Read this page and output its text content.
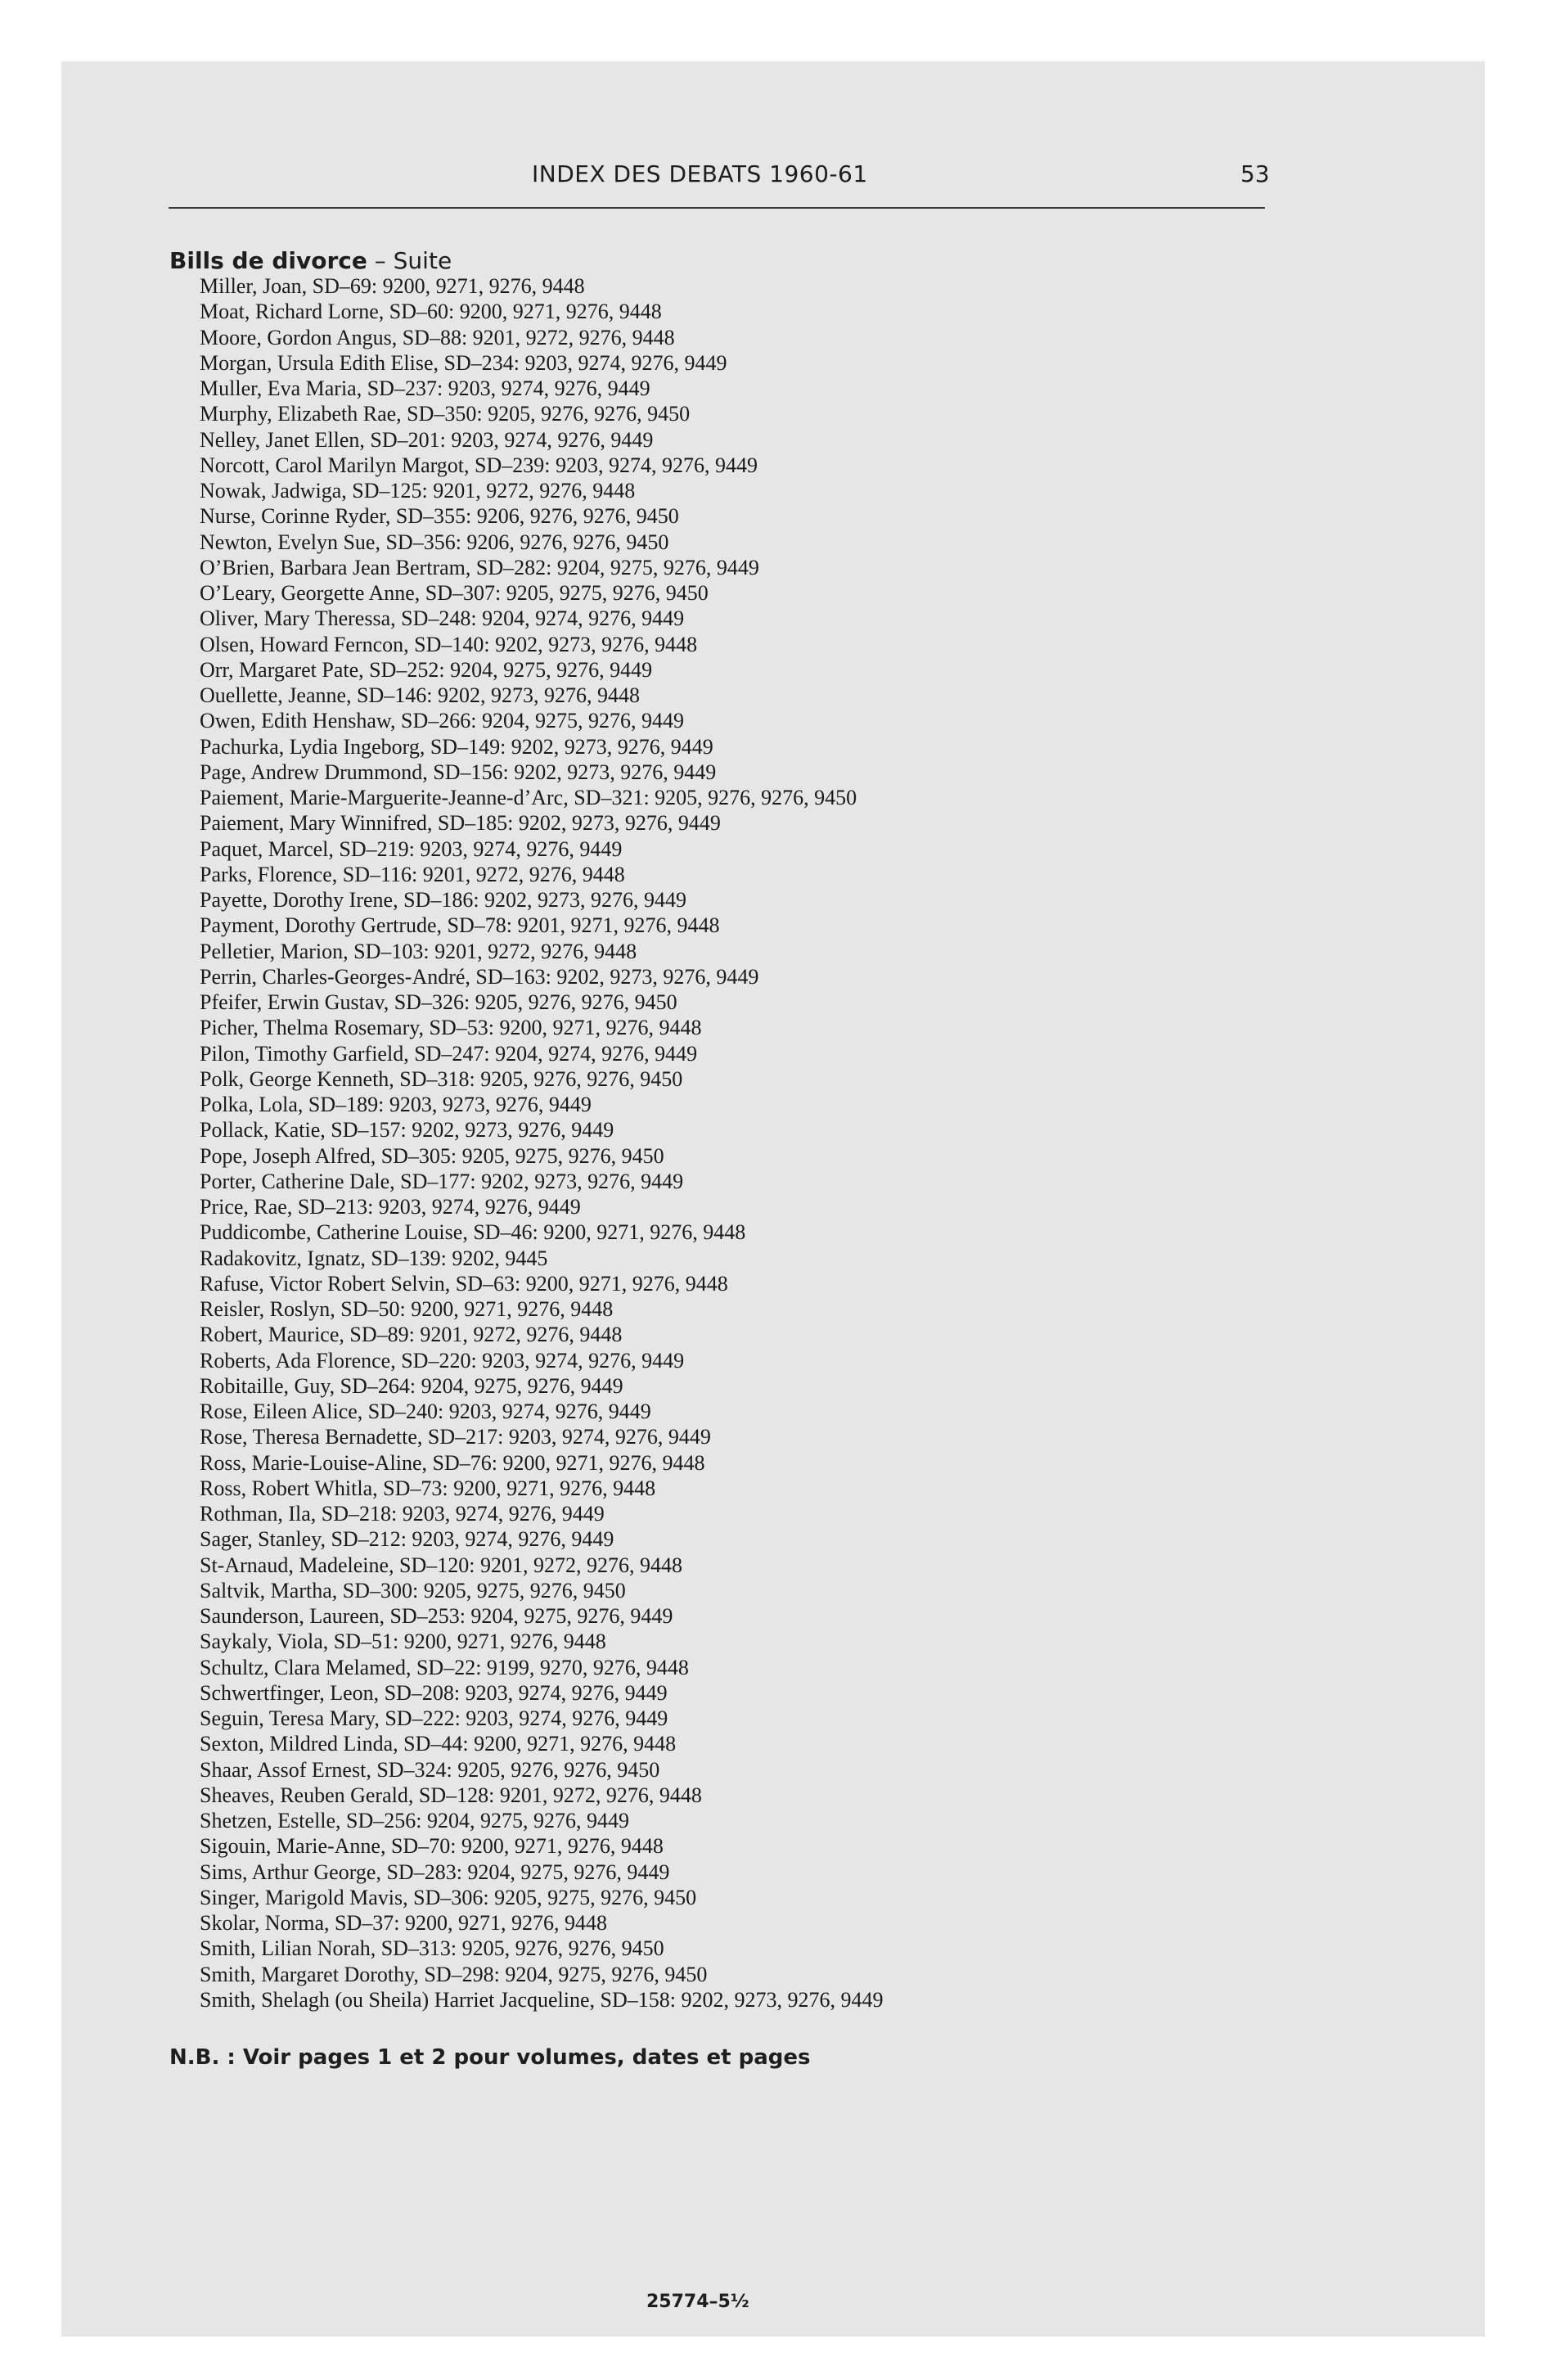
INDEX DES DEBATS 1960-61	53
Bills de divorce – Suite
Miller, Joan, SD–69: 9200, 9271, 9276, 9448
Moat, Richard Lorne, SD–60: 9200, 9271, 9276, 9448
Moore, Gordon Angus, SD–88: 9201, 9272, 9276, 9448
Morgan, Ursula Edith Elise, SD–234: 9203, 9274, 9276, 9449
Muller, Eva Maria, SD–237: 9203, 9274, 9276, 9449
Murphy, Elizabeth Rae, SD–350: 9205, 9276, 9276, 9450
Nelley, Janet Ellen, SD–201: 9203, 9274, 9276, 9449
Norcott, Carol Marilyn Margot, SD–239: 9203, 9274, 9276, 9449
Nowak, Jadwiga, SD–125: 9201, 9272, 9276, 9448
Nurse, Corinne Ryder, SD–355: 9206, 9276, 9276, 9450
Newton, Evelyn Sue, SD–356: 9206, 9276, 9276, 9450
O’Brien, Barbara Jean Bertram, SD–282: 9204, 9275, 9276, 9449
O’Leary, Georgette Anne, SD–307: 9205, 9275, 9276, 9450
Oliver, Mary Theressa, SD–248: 9204, 9274, 9276, 9449
Olsen, Howard Ferncon, SD–140: 9202, 9273, 9276, 9448
Orr, Margaret Pate, SD–252: 9204, 9275, 9276, 9449
Ouellette, Jeanne, SD–146: 9202, 9273, 9276, 9448
Owen, Edith Henshaw, SD–266: 9204, 9275, 9276, 9449
Pachurka, Lydia Ingeborg, SD–149: 9202, 9273, 9276, 9449
Page, Andrew Drummond, SD–156: 9202, 9273, 9276, 9449
Paiement, Marie-Marguerite-Jeanne-d’Arc, SD–321: 9205, 9276, 9276, 9450
Paiement, Mary Winnifred, SD–185: 9202, 9273, 9276, 9449
Paquet, Marcel, SD–219: 9203, 9274, 9276, 9449
Parks, Florence, SD–116: 9201, 9272, 9276, 9448
Payette, Dorothy Irene, SD–186: 9202, 9273, 9276, 9449
Payment, Dorothy Gertrude, SD–78: 9201, 9271, 9276, 9448
Pelletier, Marion, SD–103: 9201, 9272, 9276, 9448
Perrin, Charles-Georges-André, SD–163: 9202, 9273, 9276, 9449
Pfeifer, Erwin Gustav, SD–326: 9205, 9276, 9276, 9450
Picher, Thelma Rosemary, SD–53: 9200, 9271, 9276, 9448
Pilon, Timothy Garfield, SD–247: 9204, 9274, 9276, 9449
Polk, George Kenneth, SD–318: 9205, 9276, 9276, 9450
Polka, Lola, SD–189: 9203, 9273, 9276, 9449
Pollack, Katie, SD–157: 9202, 9273, 9276, 9449
Pope, Joseph Alfred, SD–305: 9205, 9275, 9276, 9450
Porter, Catherine Dale, SD–177: 9202, 9273, 9276, 9449
Price, Rae, SD–213: 9203, 9274, 9276, 9449
Puddicombe, Catherine Louise, SD–46: 9200, 9271, 9276, 9448
Radakovitz, Ignatz, SD–139: 9202, 9445
Rafuse, Victor Robert Selvin, SD–63: 9200, 9271, 9276, 9448
Reisler, Roslyn, SD–50: 9200, 9271, 9276, 9448
Robert, Maurice, SD–89: 9201, 9272, 9276, 9448
Roberts, Ada Florence, SD–220: 9203, 9274, 9276, 9449
Robitaille, Guy, SD–264: 9204, 9275, 9276, 9449
Rose, Eileen Alice, SD–240: 9203, 9274, 9276, 9449
Rose, Theresa Bernadette, SD–217: 9203, 9274, 9276, 9449
Ross, Marie-Louise-Aline, SD–76: 9200, 9271, 9276, 9448
Ross, Robert Whitla, SD–73: 9200, 9271, 9276, 9448
Rothman, Ila, SD–218: 9203, 9274, 9276, 9449
Sager, Stanley, SD–212: 9203, 9274, 9276, 9449
St-Arnaud, Madeleine, SD–120: 9201, 9272, 9276, 9448
Saltvik, Martha, SD–300: 9205, 9275, 9276, 9450
Saunderson, Laureen, SD–253: 9204, 9275, 9276, 9449
Saykaly, Viola, SD–51: 9200, 9271, 9276, 9448
Schultz, Clara Melamed, SD–22: 9199, 9270, 9276, 9448
Schwertfinger, Leon, SD–208: 9203, 9274, 9276, 9449
Seguin, Teresa Mary, SD–222: 9203, 9274, 9276, 9449
Sexton, Mildred Linda, SD–44: 9200, 9271, 9276, 9448
Shaar, Assof Ernest, SD–324: 9205, 9276, 9276, 9450
Sheaves, Reuben Gerald, SD–128: 9201, 9272, 9276, 9448
Shetzen, Estelle, SD–256: 9204, 9275, 9276, 9449
Sigouin, Marie-Anne, SD–70: 9200, 9271, 9276, 9448
Sims, Arthur George, SD–283: 9204, 9275, 9276, 9449
Singer, Marigold Mavis, SD–306: 9205, 9275, 9276, 9450
Skolar, Norma, SD–37: 9200, 9271, 9276, 9448
Smith, Lilian Norah, SD–313: 9205, 9276, 9276, 9450
Smith, Margaret Dorothy, SD–298: 9204, 9275, 9276, 9450
Smith, Shelagh (ou Sheila) Harriet Jacqueline, SD–158: 9202, 9273, 9276, 9449
N.B. : Voir pages 1 et 2 pour volumes, dates et pages
25774–5½
